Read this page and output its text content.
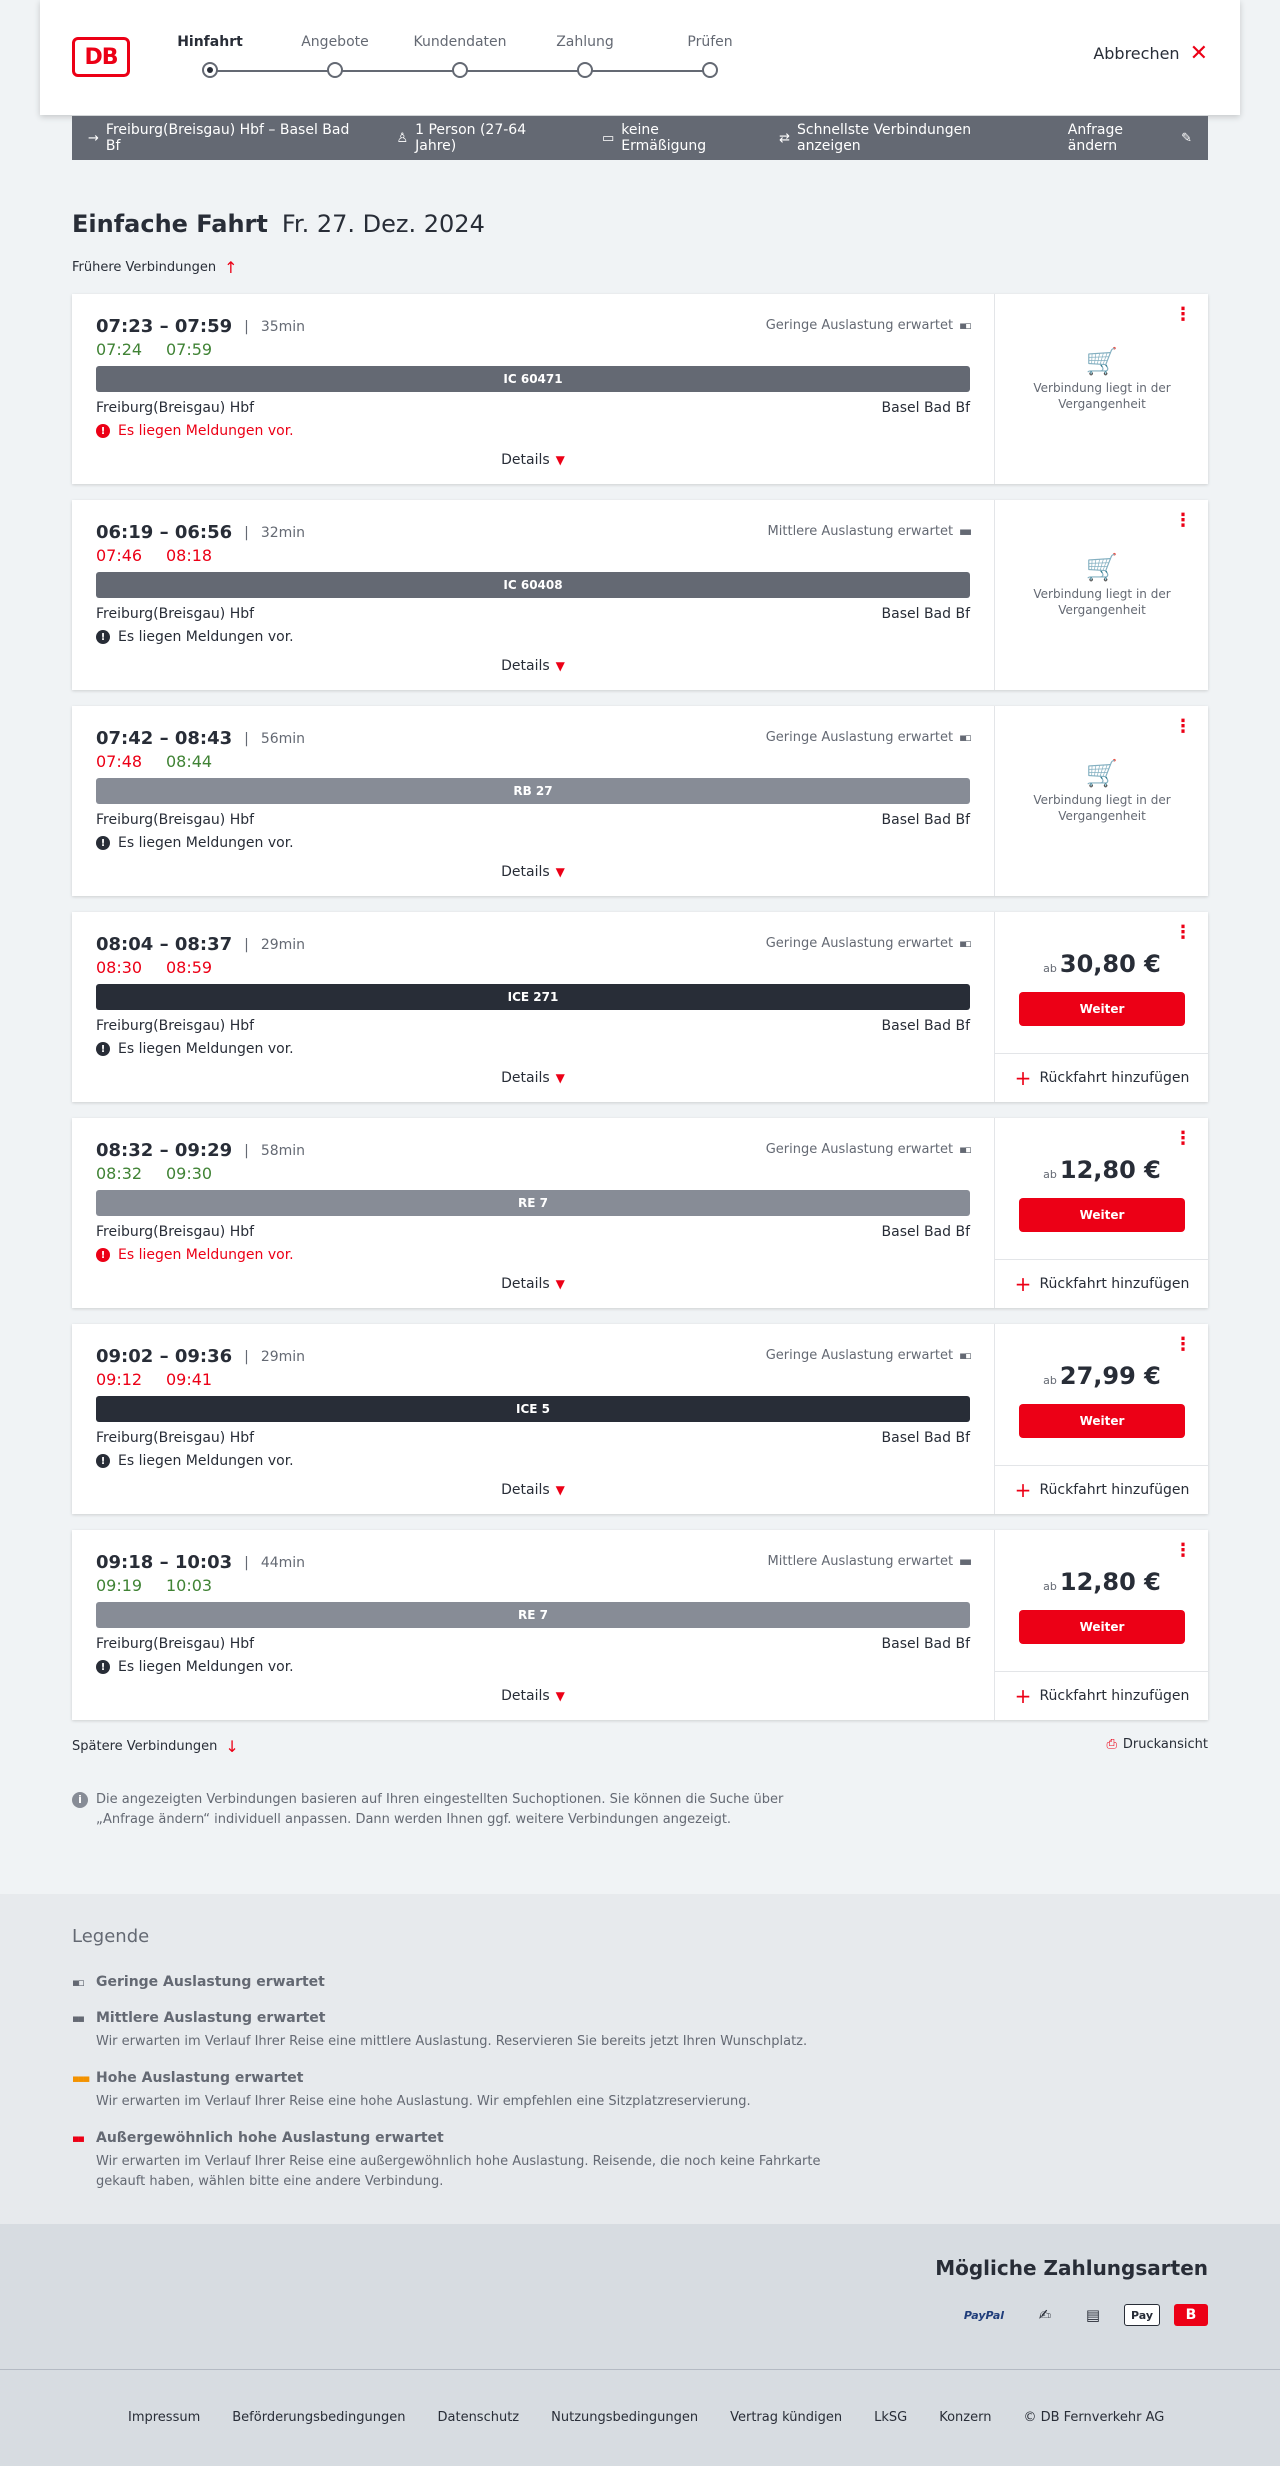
DB
Hinfahrt	Angebote	Kundendaten	Zahlung	Prüfen
Abbrechen ✕
→ Freiburg(Breisgau) Hbf – Basel Bad Bf	♙ 1 Person (27-64 Jahre)	▭ keine Ermäßigung	⇄ Schnellste Verbindungen anzeigen
Anfrage ändern	✎
Einfache Fahrt Fr. 27. Dez. 2024
Frühere Verbindungen ↑
07:23 – 07:59 | 35min
07:24	07:59
Geringe Auslastung erwartet ▪▫
IC 60471
Freiburg(Breisgau) Hbf	Basel Bad Bf
! Es liegen Meldungen vor.
Details ▼
⋮
🛒
Verbindung liegt in der Vergangenheit
06:19 – 06:56 | 32min
07:46	08:18
Mittlere Auslastung erwartet ▪▪
IC 60408
Freiburg(Breisgau) Hbf	Basel Bad Bf
! Es liegen Meldungen vor.
Details ▼
⋮
🛒
Verbindung liegt in der Vergangenheit
07:42 – 08:43 | 56min
07:48	08:44
Geringe Auslastung erwartet ▪▫
RB 27
Freiburg(Breisgau) Hbf	Basel Bad Bf
! Es liegen Meldungen vor.
Details ▼
⋮
🛒
Verbindung liegt in der Vergangenheit
08:04 – 08:37 | 29min
08:30	08:59
Geringe Auslastung erwartet ▪▫
ICE 271
Freiburg(Breisgau) Hbf	Basel Bad Bf
! Es liegen Meldungen vor.
Details ▼
⋮
ab 30,80 €
Weiter
+ Rückfahrt hinzufügen
08:32 – 09:29 | 58min
08:32	09:30
Geringe Auslastung erwartet ▪▫
RE 7
Freiburg(Breisgau) Hbf	Basel Bad Bf
! Es liegen Meldungen vor.
Details ▼
⋮
ab 12,80 €
Weiter
+ Rückfahrt hinzufügen
09:02 – 09:36 | 29min
09:12	09:41
Geringe Auslastung erwartet ▪▫
ICE 5
Freiburg(Breisgau) Hbf	Basel Bad Bf
! Es liegen Meldungen vor.
Details ▼
⋮
ab 27,99 €
Weiter
+ Rückfahrt hinzufügen
09:18 – 10:03 | 44min
09:19	10:03
Mittlere Auslastung erwartet ▪▪
RE 7
Freiburg(Breisgau) Hbf	Basel Bad Bf
! Es liegen Meldungen vor.
Details ▼
⋮
ab 12,80 €
Weiter
+ Rückfahrt hinzufügen
Spätere Verbindungen ↓	⎙ Druckansicht
i	Die angezeigten Verbindungen basieren auf Ihren eingestellten Suchoptionen. Sie können die Suche über „Anfrage ändern“ individuell anpassen. Dann werden Ihnen ggf. weitere Verbindungen angezeigt.
Legende
▪▫ Geringe Auslastung erwartet
▪▪ Mittlere Auslastung erwartet
Wir erwarten im Verlauf Ihrer Reise eine mittlere Auslastung. Reservieren Sie bereits jetzt Ihren Wunschplatz.
▪▪▪ Hohe Auslastung erwartet
Wir erwarten im Verlauf Ihrer Reise eine hohe Auslastung. Wir empfehlen eine Sitzplatzreservierung.
▪▪ Außergewöhnlich hohe Auslastung erwartet
Wir erwarten im Verlauf Ihrer Reise eine außergewöhnlich hohe Auslastung. Reisende, die noch keine Fahrkarte gekauft haben, wählen bitte eine andere Verbindung.
Mögliche Zahlungsarten
PayPal	✍	▤	Pay	B
Impressum Beförderungsbedingungen Datenschutz Nutzungsbedingungen Vertrag kündigen LkSG Konzern © DB Fernverkehr AG
